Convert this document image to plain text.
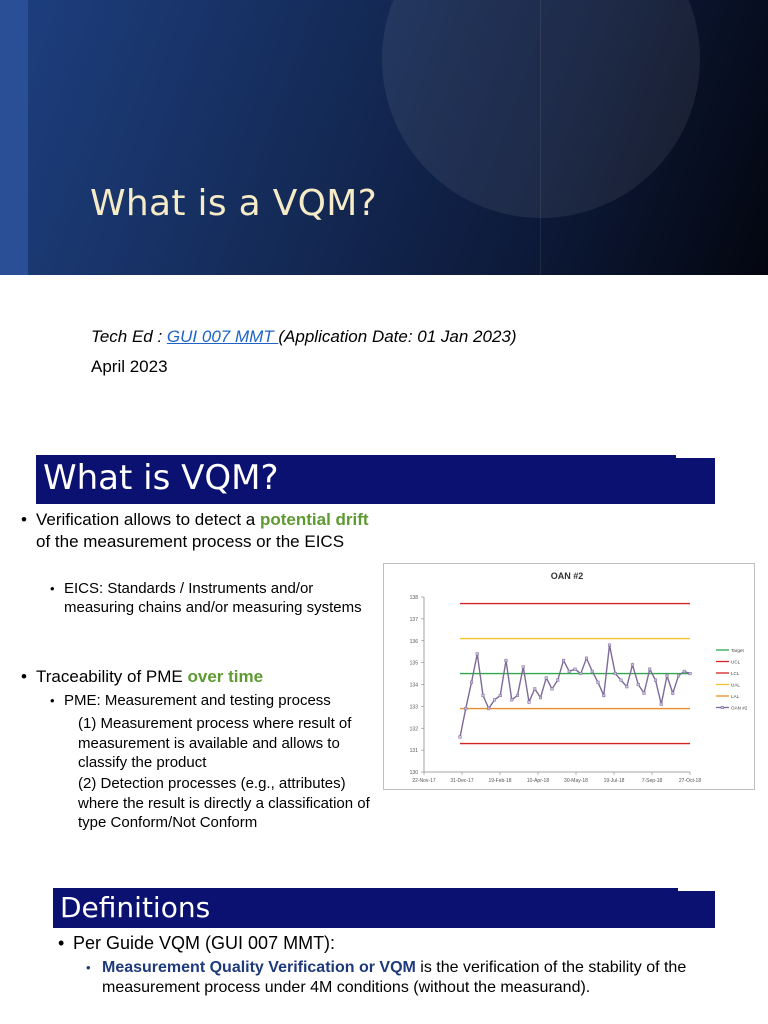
What is a VQM?
Tech Ed : GUI 007 MMT (Application Date: 01 Jan 2023)
April 2023
What is VQM?
• Verification allows to detect a potential drift of the measurement process or the EICS
• EICS: Standards / Instruments and/or measuring chains and/or measuring systems
• Traceability of PME over time
• PME: Measurement and testing process
(1) Measurement process where result of measurement is available and allows to classify the product
(2) Detection processes (e.g., attributes) where the result is directly a classification of type Conform/Not Conform
OAN #2
130
131
132
133
134
135
136
137
138
22-Nov-17	31-Dec-17	19-Feb-18	10-Apr-18	30-May-18	19-Jul-18	7-Sep-18	27-Oct-18
Target
UCL
LCL
UAL
LAL
OAN #2
Definitions
• Per Guide VQM (GUI 007 MMT):
• Measurement Quality Verification or VQM is the verification of the stability of the measurement process under 4M conditions (without the measurand).
